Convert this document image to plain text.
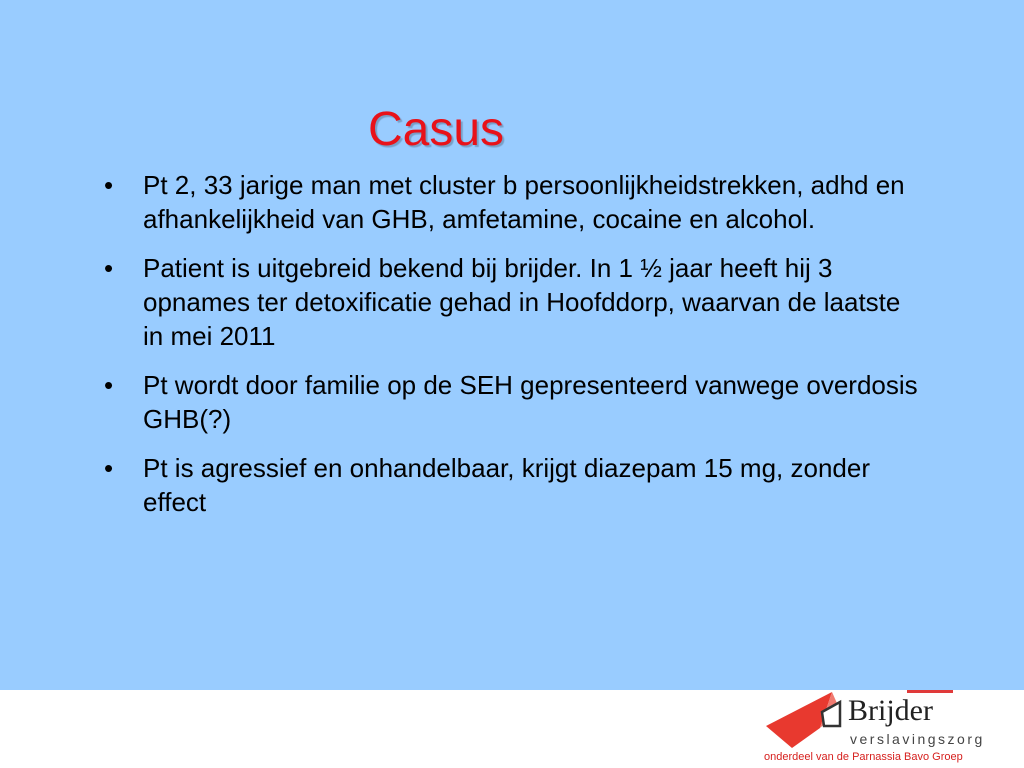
Casus
• Pt 2, 33 jarige man met cluster b persoonlijkheidstrekken, adhd en afhankelijkheid van GHB, amfetamine, cocaine en alcohol.
• Patient is uitgebreid bekend bij brijder. In 1 ½ jaar heeft hij 3 opnames ter detoxificatie gehad in Hoofddorp, waarvan de laatste in mei 2011
• Pt wordt door familie op de SEH gepresenteerd vanwege overdosis GHB(?)
• Pt is agressief en onhandelbaar, krijgt diazepam 15 mg, zonder effect
Brijder
verslavingszorg
onderdeel van de Parnassia Bavo Groep
